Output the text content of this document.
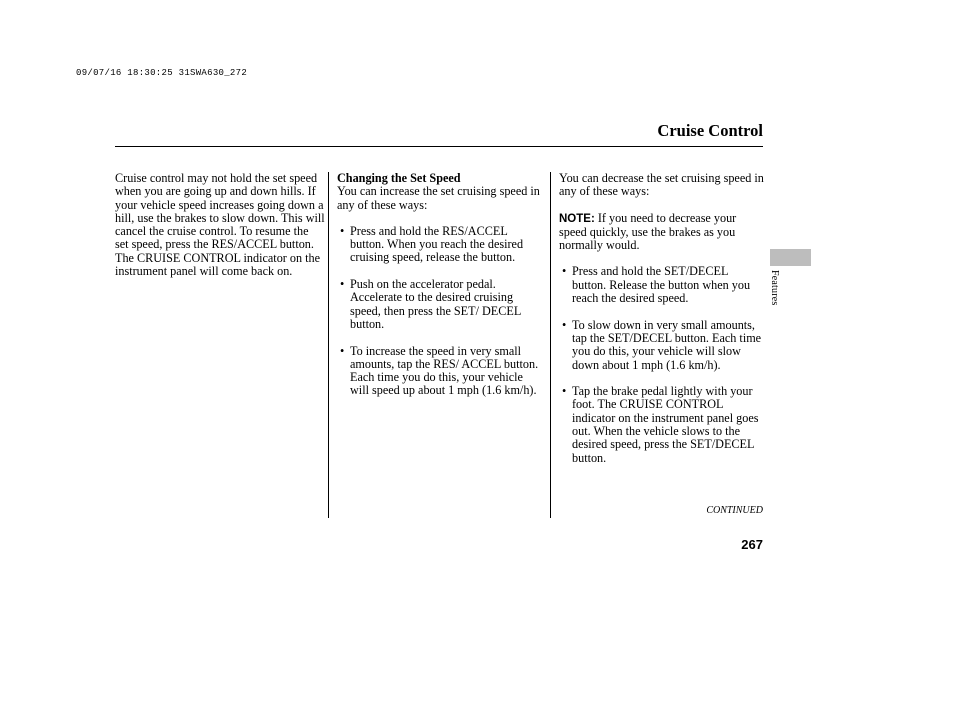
09/07/16 18:30:25 31SWA630_272
Cruise Control

Cruise control may not hold the set speed when you are going up and down hills. If your vehicle speed increases going down a hill, use the brakes to slow down. This will cancel the cruise control. To resume the set speed, press the RES/ACCEL button. The CRUISE CONTROL indicator on the instrument panel will come back on.

Changing the Set Speed

You can increase the set cruising speed in any of these ways:

• Press and hold the RES/ACCEL button. When you reach the desired cruising speed, release the button.
• Push on the accelerator pedal. Accelerate to the desired cruising speed, then press the SET/ DECEL button.
• To increase the speed in very small amounts, tap the RES/ ACCEL button. Each time you do this, your vehicle will speed up about 1 mph (1.6 km/h).

You can decrease the set cruising speed in any of these ways:

NOTE: If you need to decrease your speed quickly, use the brakes as you normally would.

• Press and hold the SET/DECEL button. Release the button when you reach the desired speed.
• To slow down in very small amounts, tap the SET/DECEL button. Each time you do this, your vehicle will slow down about 1 mph (1.6 km/h).
• Tap the brake pedal lightly with your foot. The CRUISE CONTROL indicator on the instrument panel goes out. When the vehicle slows to the desired speed, press the SET/DECEL button.
CONTINUED
267
Features
